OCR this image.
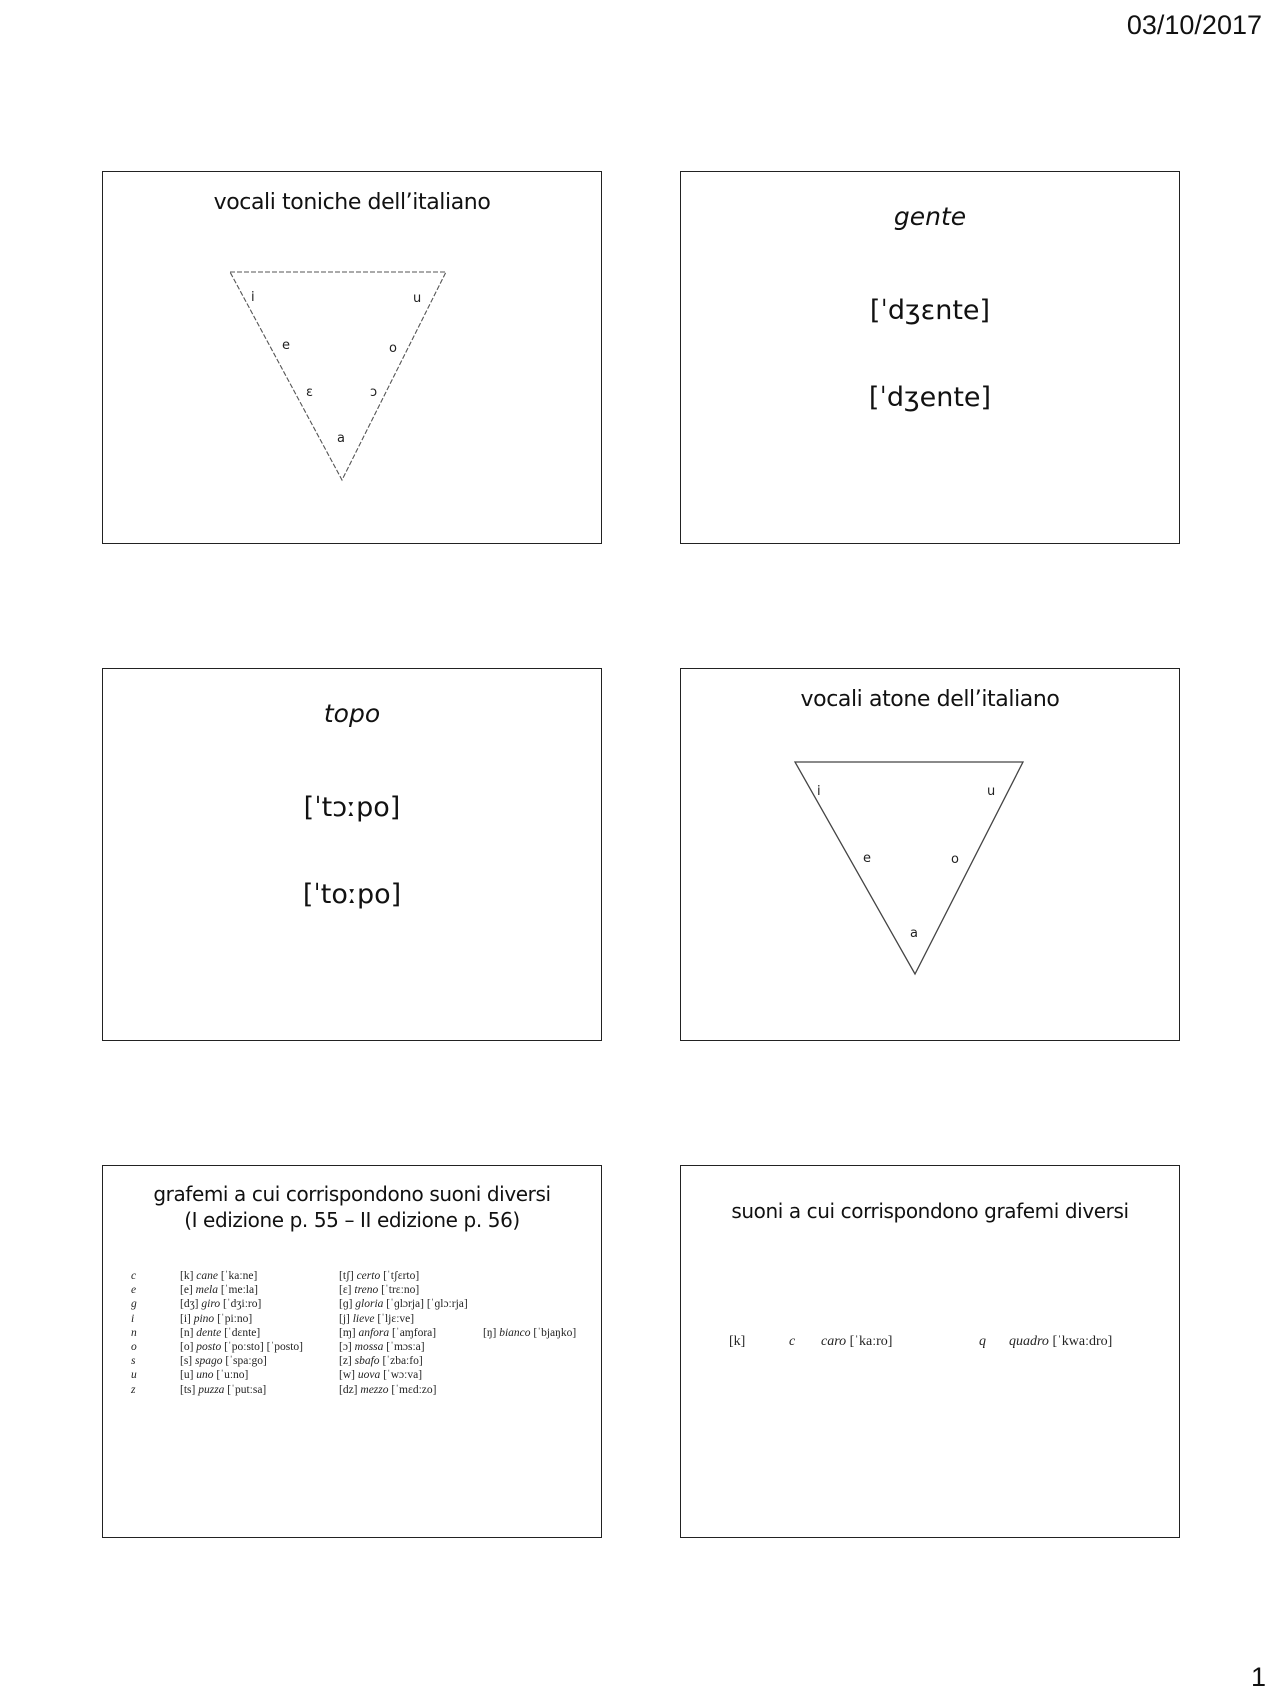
03/10/2017
vocali toniche dell’italiano
i	u
e	o
ɛ	ɔ
a
gente
[ˈdʒɛnte]
[ˈdʒente]
topo
[ˈtɔːpo]
[ˈtoːpo]
vocali atone dell’italiano
i	u
e	o
a
grafemi a cui corrispondono suoni diversi
(I edizione p. 55 – II edizione p. 56)
c	[k] cane [ˈkaːne]	[tʃ] certo [ˈtʃɛrto]
e	[e] mela [ˈmeːla]	[ɛ] treno [ˈtrɛːno]
g	[dʒ] giro [ˈdʒiːro]	[ɡ] gloria [ˈɡlɔrja] [ˈɡlɔːrja]
i	[i] pino [ˈpiːno]	[j] lieve [ˈljɛːve]
n	[n] dente [ˈdɛnte]	[ɱ] anfora [ˈaɱfora]	[ŋ] bianco [ˈbjaŋko]
o	[o] posto [ˈpoːsto] [ˈposto]	[ɔ] mossa [ˈmɔsːa]
s	[s] spago [ˈspaːgo]	[z] sbafo [ˈzbaːfo]
u	[u] uno [ˈuːno]	[w] uova [ˈwɔːva]
z	[ts] puzza [ˈputːsa]	[dz] mezzo [ˈmɛdːzo]
suoni a cui corrispondono grafemi diversi
[k]	c caro [ˈkaːro]	q quadro [ˈkwaːdro]
1
